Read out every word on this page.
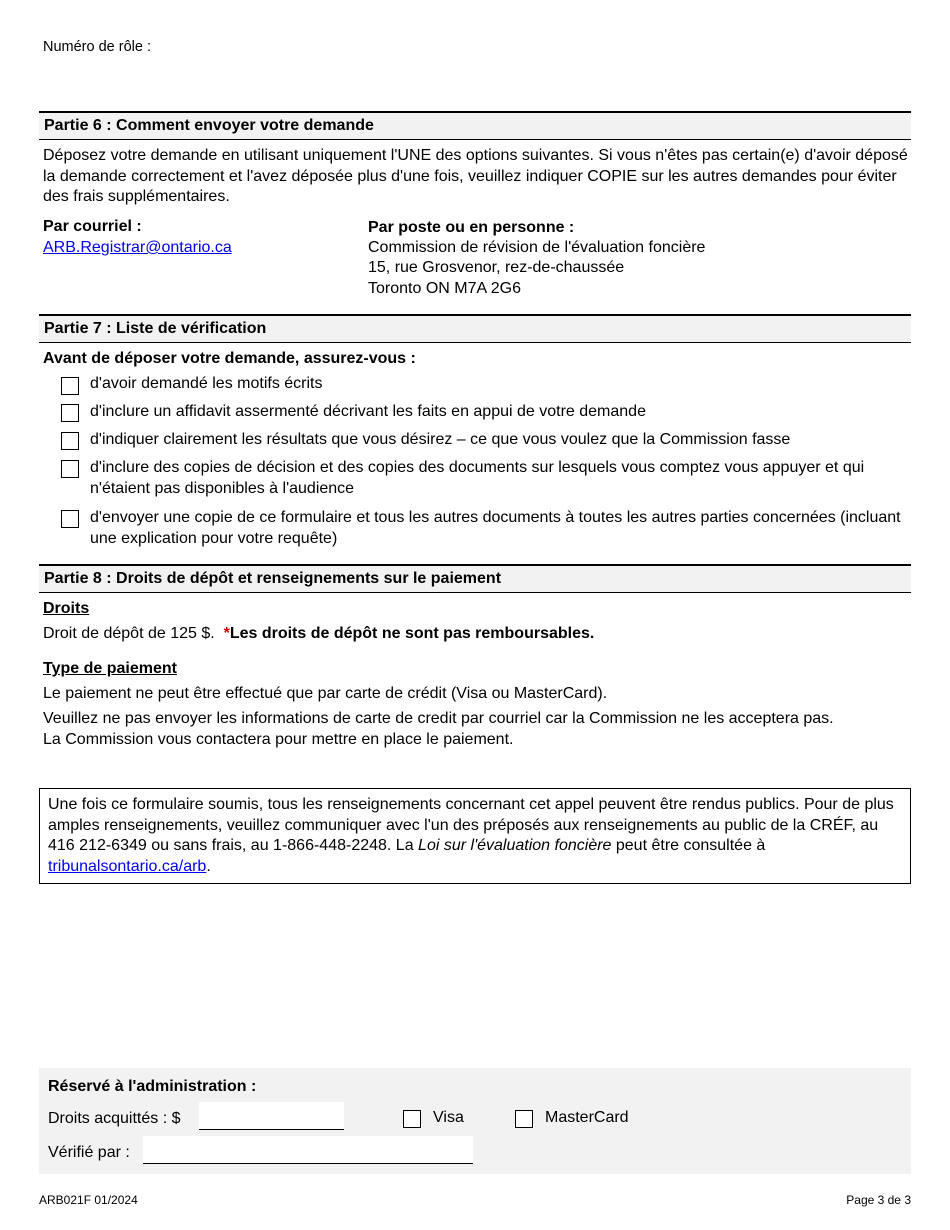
Numéro de rôle :
Partie 6 : Comment envoyer votre demande
Déposez votre demande en utilisant uniquement l'UNE des options suivantes. Si vous n'êtes pas certain(e) d'avoir déposé la demande correctement et l'avez déposée plus d'une fois, veuillez indiquer COPIE sur les autres demandes pour éviter des frais supplémentaires.
Par courriel :
ARB.Registrar@ontario.ca
Par poste ou en personne :
Commission de révision de l'évaluation foncière
15, rue Grosvenor, rez-de-chaussée
Toronto ON M7A 2G6
Partie 7 : Liste de vérification
Avant de déposer votre demande, assurez-vous :
d'avoir demandé les motifs écrits
d'inclure un affidavit assermenté décrivant les faits en appui de votre demande
d'indiquer clairement les résultats que vous désirez – ce que vous voulez que la Commission fasse
d'inclure des copies de décision et des copies des documents sur lesquels vous comptez vous appuyer et qui n'étaient pas disponibles à l'audience
d'envoyer une copie de ce formulaire et tous les autres documents à toutes les autres parties concernées (incluant une explication pour votre requête)
Partie 8 : Droits de dépôt et renseignements sur le paiement
Droits
Droit de dépôt de 125 $.  *Les droits de dépôt ne sont pas remboursables.
Type de paiement
Le paiement ne peut être effectué que par carte de crédit (Visa ou MasterCard).
Veuillez ne pas envoyer les informations de carte de credit par courriel car la Commission ne les acceptera pas.
La Commission vous contactera pour mettre en place le paiement.
Une fois ce formulaire soumis, tous les renseignements concernant cet appel peuvent être rendus publics. Pour de plus amples renseignements, veuillez communiquer avec l'un des préposés aux renseignements au public de la CRÉF, au 416 212-6349 ou sans frais, au 1-866-448-2248. La Loi sur l'évaluation foncière peut être consultée à tribunalsontario.ca/arb.
Réservé à l'administration :
Droits acquittés : $	Visa	MasterCard
Vérifié par :
ARB021F 01/2024	Page 3 de 3
